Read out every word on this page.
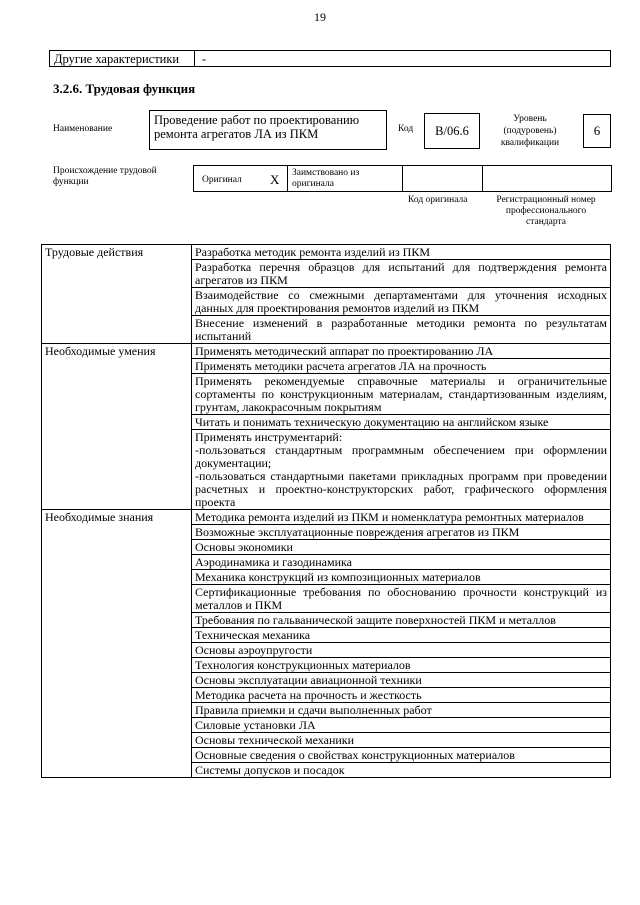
19
Другие характеристики -
3.2.6. Трудовая функция
Наименование
Проведение работ по проектированию ремонта агрегатов ЛА из ПКМ	Код	B/06.6
Уровень (подуровень) квалификации
6
Происхождение трудовой функции	Оригинал X Заимствовано из оригинала
Код оригинала	Регистрационный номер профессионального стандарта
Трудовые действия	Разработка методик ремонта изделий из ПКМ
	Разработка перечня образцов для испытаний для подтверждения ремонта агрегатов из ПКМ
	Взаимодействие со смежными департаментами для уточнения исходных данных для проектирования ремонтов изделий из ПКМ
	Внесение изменений в разработанные методики ремонта по результатам испытаний
Необходимые умения	Применять методический аппарат по проектированию ЛА
	Применять методики расчета агрегатов ЛА на прочность
	Применять рекомендуемые справочные материалы и ограничительные сортаменты по конструкционным материалам, стандартизованным изделиям, грунтам, лакокрасочным покрытиям
	Читать и понимать техническую документацию на английском языке
	Применять инструментарий:
-пользоваться стандартным программным обеспечением при оформлении документации;
-пользоваться стандартными пакетами прикладных программ при проведении расчетных и проектно-конструкторских работ, графического оформления проекта
Необходимые знания	Методика ремонта изделий из ПКМ и номенклатура ремонтных материалов
	Возможные эксплуатационные повреждения агрегатов из ПКМ
	Основы экономики
	Аэродинамика и газодинамика
	Механика конструкций из композиционных материалов
	Сертификационные требования по обоснованию прочности конструкций из металлов и ПКМ
	Требования по гальванической защите поверхностей ПКМ и металлов
	Техническая механика
	Основы аэроупругости
	Технология конструкционных материалов
	Основы эксплуатации авиационной техники
	Методика расчета на прочность и жесткость
	Правила приемки и сдачи выполненных работ
	Силовые установки ЛА
	Основы технической механики
	Основные сведения о свойствах конструкционных материалов
	Системы допусков и посадок
